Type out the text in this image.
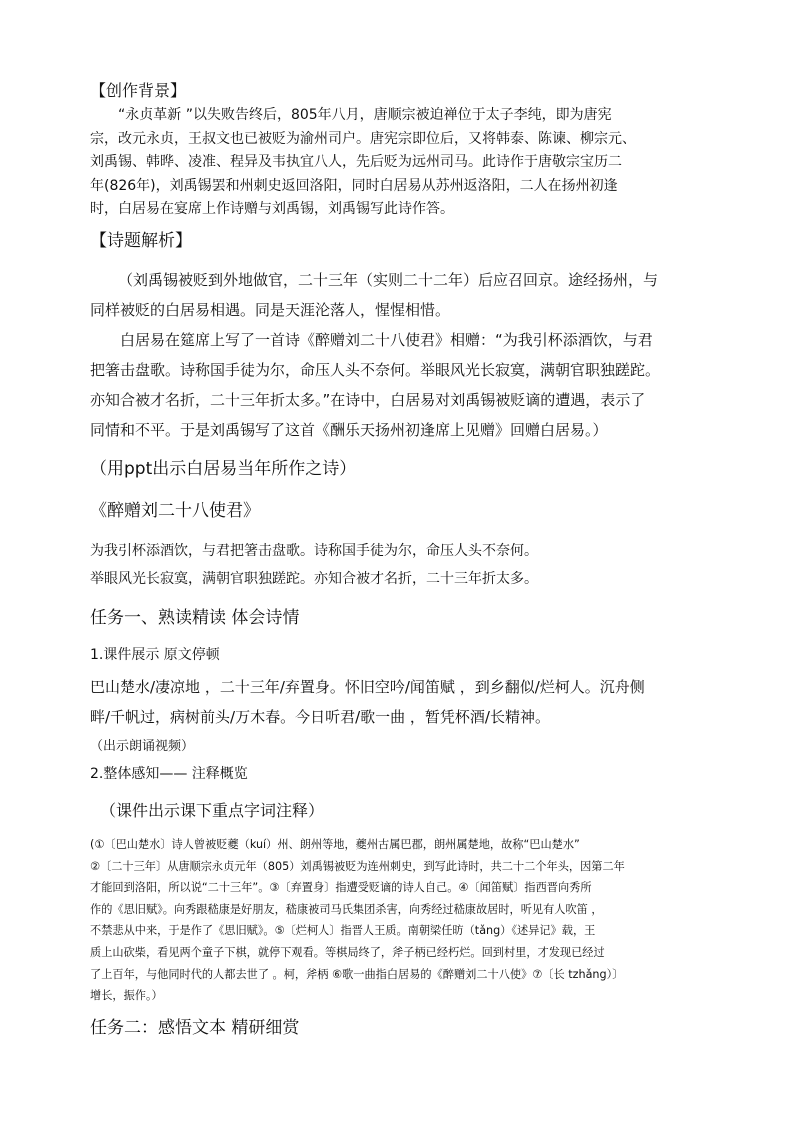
【创作背景】
“永贞革新 ”以失败告终后，805年八月，唐顺宗被迫禅位于太子李纯，即为唐宪
宗，改元永贞，王叔文也已被贬为渝州司户。唐宪宗即位后，又将韩泰、陈谏、柳宗元、
刘禹锡、韩晔、凌准、程异及韦执宜八人，先后贬为远州司马。此诗作于唐敬宗宝历二
年(826年)，刘禹锡罢和州刺史返回洛阳，同时白居易从苏州返洛阳，二人在扬州初逢
时，白居易在宴席上作诗赠与刘禹锡，刘禹锡写此诗作答。
【诗题解析】
（刘禹锡被贬到外地做官，二十三年（实则二十二年）后应召回京。途经扬州，与
同样被贬的白居易相遇。同是天涯沦落人，惺惺相惜。
白居易在筵席上写了一首诗《醉赠刘二十八使君》相赠：“为我引杯添酒饮，与君
把箸击盘歌。诗称国手徒为尔，命压人头不奈何。举眼风光长寂寞，满朝官职独蹉跎。
亦知合被才名折，二十三年折太多。”在诗中，白居易对刘禹锡被贬谪的遭遇，表示了
同情和不平。于是刘禹锡写了这首《酬乐天扬州初逢席上见赠》回赠白居易。）
（用ppt出示白居易当年所作之诗）
《醉赠刘二十八使君》
为我引杯添酒饮，与君把箸击盘歌。诗称国手徒为尔，命压人头不奈何。
举眼风光长寂寞，满朝官职独蹉跎。亦知合被才名折，二十三年折太多。
任务一、熟读精读 体会诗情
1.课件展示 原文停顿
巴山楚水/凄凉地 ，二十三年/弃置身。怀旧空吟/闻笛赋 ，到乡翻似/烂柯人。沉舟侧
畔/千帆过，病树前头/万木春。今日听君/歌一曲 ，暂凭杯酒/长精神。
（出示朗诵视频）
2.整体感知—— 注释概览
（课件出示课下重点字词注释）
(①〔巴山楚水〕诗人曾被贬夔（kuí）州、朗州等地，夔州古属巴郡，朗州属楚地，故称“巴山楚水”
②〔二十三年〕从唐顺宗永贞元年（805）刘禹锡被贬为连州刺史，到写此诗时，共二十二个年头，因第二年
才能回到洛阳，所以说“二十三年”。③〔弃置身〕指遭受贬谪的诗人自己。④〔闻笛赋〕指西晋向秀所
作的《思旧赋》。向秀跟嵇康是好朋友，嵇康被司马氏集团杀害，向秀经过嵇康故居时，听见有人吹笛 ，
不禁悲从中来，于是作了《思旧赋》。⑤〔烂柯人〕指晋人王质。南朝梁任昉（tǎng）《述异记》载，王
质上山砍柴，看见两个童子下棋，就停下观看。等棋局终了，斧子柄已经朽烂。回到村里，才发现已经过
了上百年，与他同时代的人都去世了 。柯，斧柄 ⑥歌一曲指白居易的《醉赠刘二十八使》⑦〔长 tzhǎng）〕
增长，振作。）
任务二：感悟文本 精研细赏
